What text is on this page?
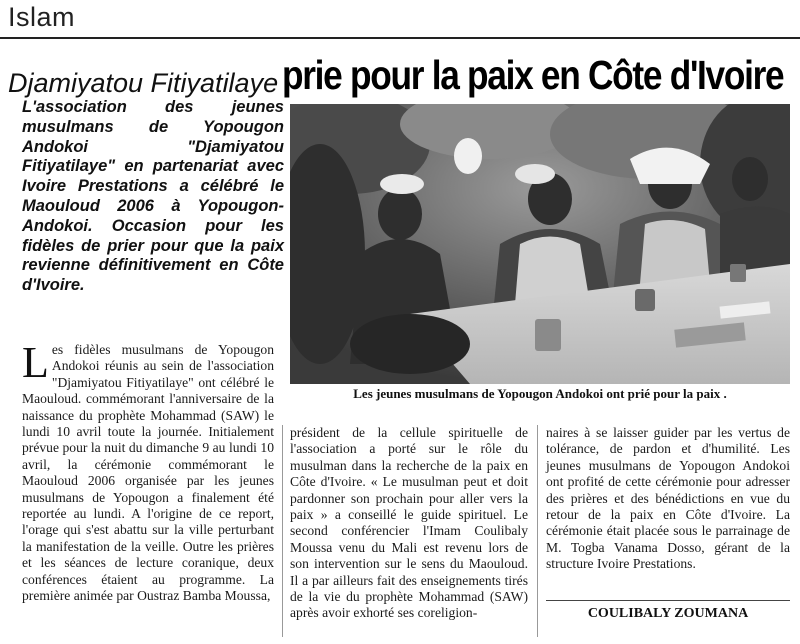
Islam
Djamiyatou Fitiyatilaye prie pour la paix en Côte d'Ivoire
L'association des jeunes musulmans de Yopougon Andokoi "Djamiyatou Fitiyatilaye" en partenariat avec Ivoire Prestations a célébré le Maouloud 2006 à Yopougon-Andokoi. Occasion pour les fidèles de prier pour que la paix revienne définitivement en Côte d'Ivoire.
Les jeunes musulmans de Yopougon Andokoi ont prié pour la paix .
Les fidèles musulmans de Yopougon Andokoi réunis au sein de l'association "Djamiyatou Fitiyatilaye" ont célébré le Maouloud. commémorant l'anniversaire de la naissance du prophète Mohammad (SAW) le lundi 10 avril toute la journée. Initialement prévue pour la nuit du dimanche 9 au lundi 10 avril, la cérémonie commémorant le Maouloud 2006 organisée par les jeunes musulmans de Yopougon a finalement été reportée au lundi. A l'origine de ce report, l'orage qui s'est abattu sur la ville perturbant la manifestation de la veille. Outre les prières et les séances de lecture coranique, deux conférences étaient au programme. La première animée par Oustraz Bamba Moussa,
président de la cellule spirituelle de l'association a porté sur le rôle du musulman dans la recherche de la paix en Côte d'Ivoire. « Le musulman peut et doit pardonner son prochain pour aller vers la paix » a conseillé le guide spirituel. Le second conférencier l'Imam Coulibaly Moussa venu du Mali est revenu lors de son intervention sur le sens du Maouloud. Il a par ailleurs fait des enseignements tirés de la vie du prophète Mohammad (SAW) après avoir exhorté ses coreligion-
naires à se laisser guider par les vertus de tolérance, de pardon et d'humilité. Les jeunes musulmans de Yopougon Andokoi ont profité de cette cérémonie pour adresser des prières et des bénédictions en vue du retour de la paix en Côte d'Ivoire. La cérémonie était placée sous le parrainage de M. Togba Vanama Dosso, gérant de la structure Ivoire Prestations.
COULIBALY ZOUMANA
